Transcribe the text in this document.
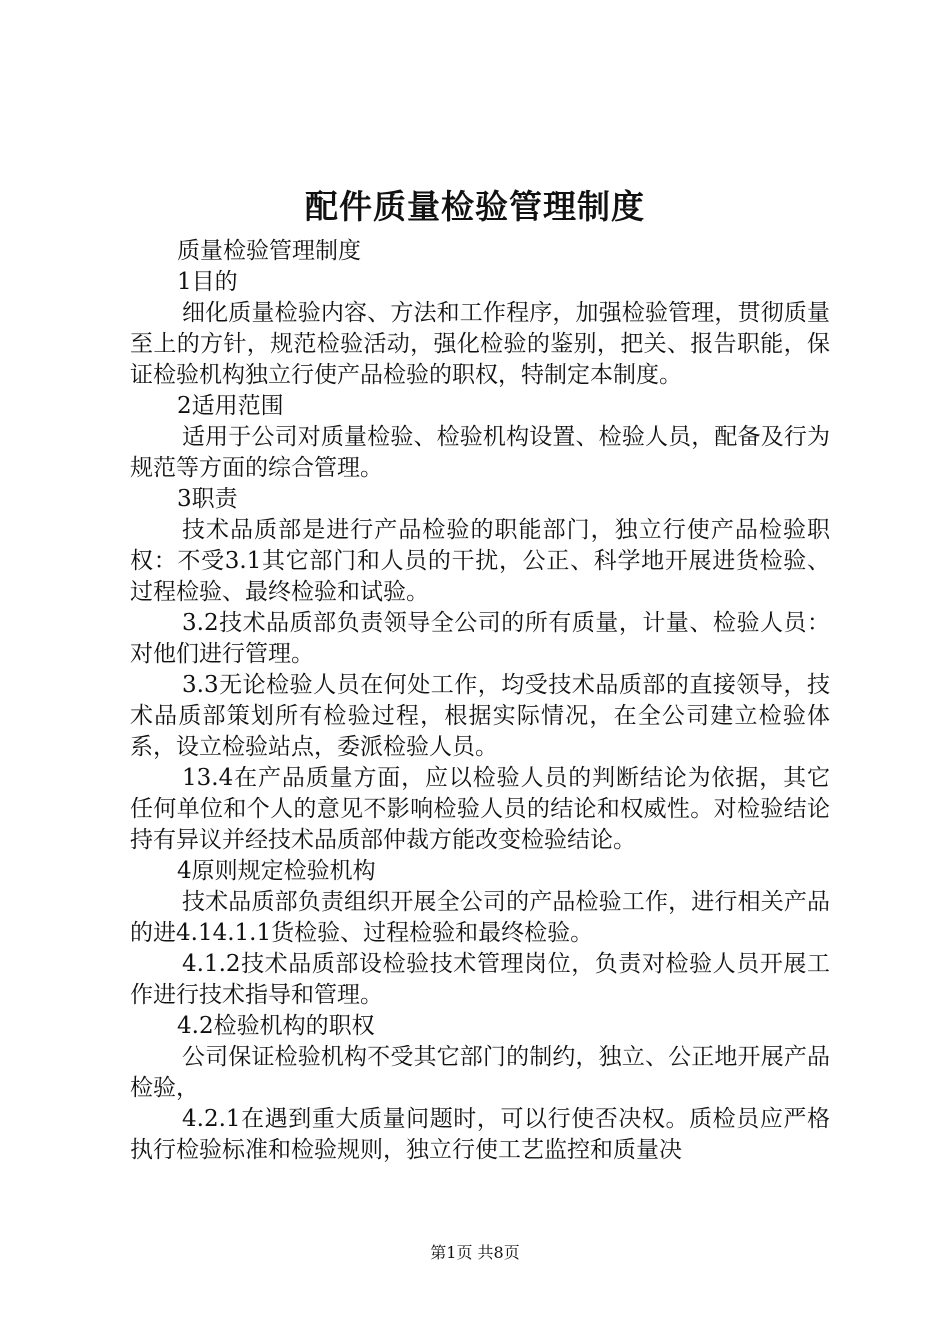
配件质量检验管理制度

质量检验管理制度

1目的

细化质量检验内容、方法和工作程序，加强检验管理，贯彻质量至上的方针，规范检验活动，强化检验的鉴别，把关、报告职能，保证检验机构独立行使产品检验的职权，特制定本制度。

2适用范围

适用于公司对质量检验、检验机构设置、检验人员，配备及行为规范等方面的综合管理。

3职责

技术品质部是进行产品检验的职能部门，独立行使产品检验职权：不受3.1其它部门和人员的干扰，公正、科学地开展进货检验、过程检验、最终检验和试验。

3.2技术品质部负责领导全公司的所有质量，计量、检验人员：对他们进行管理。

3.3无论检验人员在何处工作，均受技术品质部的直接领导，技术品质部策划所有检验过程，根据实际情况，在全公司建立检验体系，设立检验站点，委派检验人员。

13.4在产品质量方面，应以检验人员的判断结论为依据，其它任何单位和个人的意见不影响检验人员的结论和权威性。对检验结论持有异议并经技术品质部仲裁方能改变检验结论。

4原则规定检验机构

技术品质部负责组织开展全公司的产品检验工作，进行相关产品的进4.14.1.1货检验、过程检验和最终检验。

4.1.2技术品质部设检验技术管理岗位，负责对检验人员开展工作进行技术指导和管理。

4.2检验机构的职权

公司保证检验机构不受其它部门的制约，独立、公正地开展产品检验，

4.2.1在遇到重大质量问题时，可以行使否决权。质检员应严格执行检验标准和检验规则，独立行使工艺监控和质量决

第1页 共8页
